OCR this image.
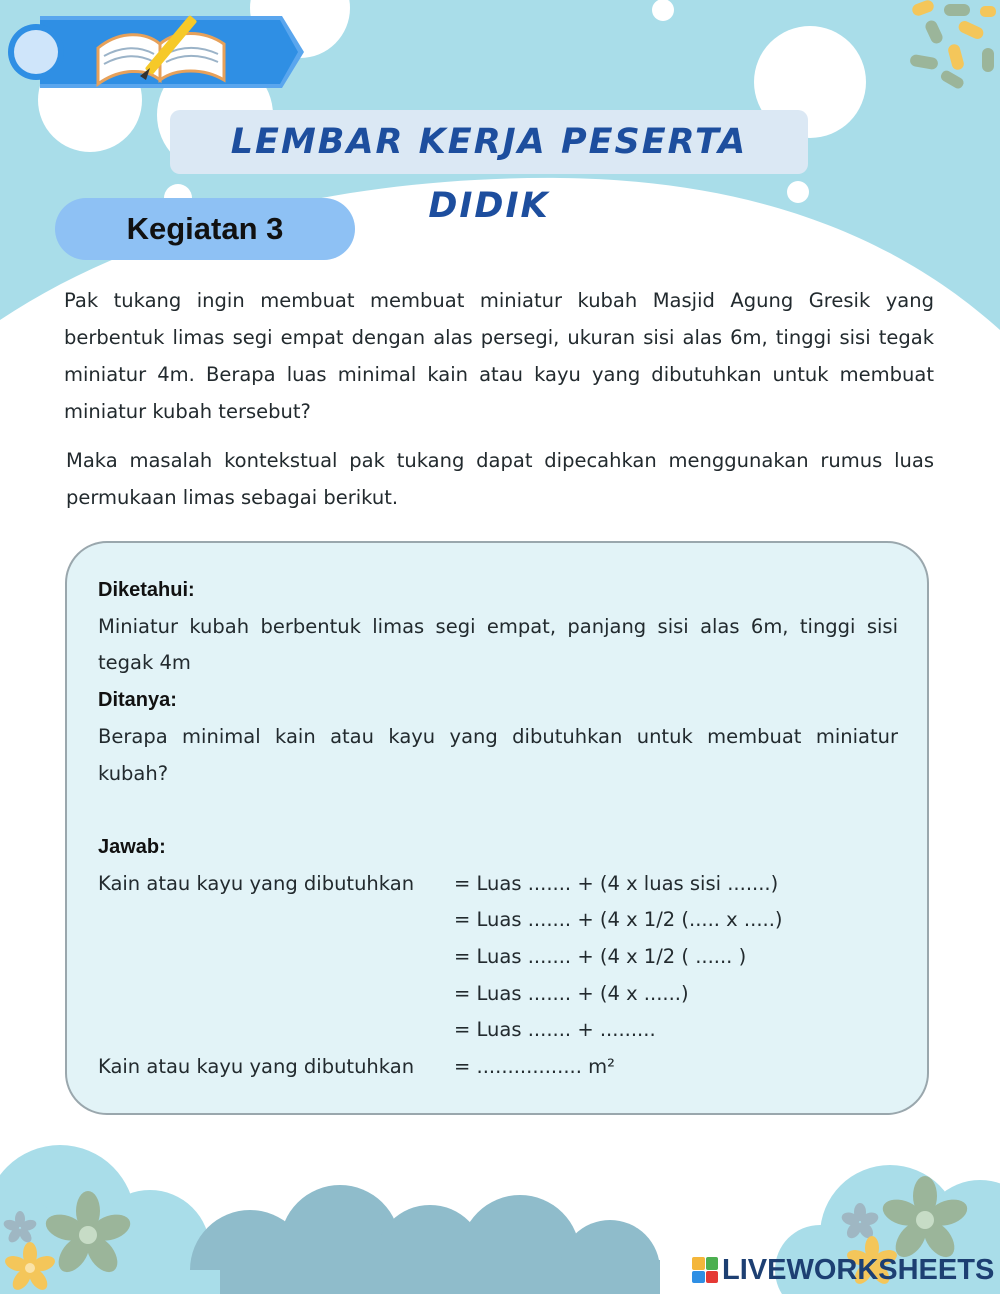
LEMBAR KERJA PESERTA DIDIK
Kegiatan 3

Pak tukang ingin membuat membuat miniatur kubah Masjid Agung Gresik yang berbentuk limas segi empat dengan alas persegi, ukuran sisi alas 6m, tinggi sisi tegak miniatur 4m. Berapa luas minimal kain atau kayu yang dibutuhkan untuk membuat miniatur kubah tersebut?

Maka masalah kontekstual pak tukang dapat dipecahkan menggunakan rumus luas permukaan limas sebagai berikut.

Diketahui:
Miniatur kubah berbentuk limas segi empat, panjang sisi alas 6m, tinggi sisi tegak 4m
Ditanya:
Berapa minimal kain atau kayu yang dibutuhkan untuk membuat miniatur kubah?
Jawab:
Kain atau kayu yang dibutuhkan	= Luas ....... + (4 x luas sisi .......)
= Luas ....... + (4 x 1/2 (..... x .....)
= Luas ....... + (4 x 1/2 ( ...... )
= Luas ....... + (4 x ......)
= Luas ....... + .........
Kain atau kayu yang dibutuhkan	= ................. m²
LIVEWORKSHEETS
